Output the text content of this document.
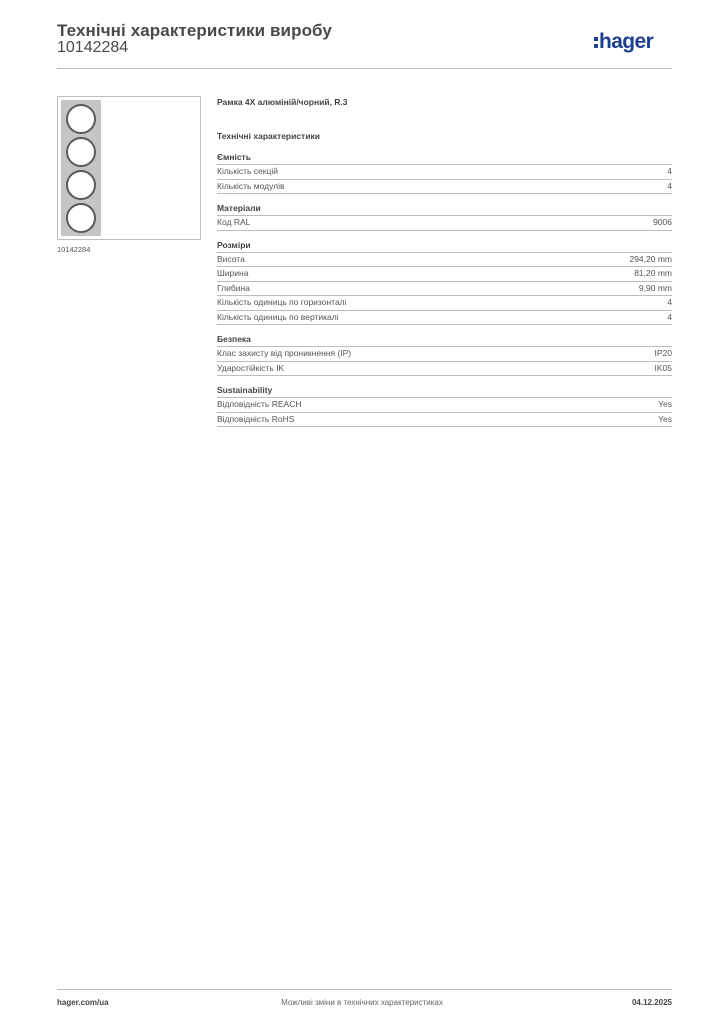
Технічні характеристики виробу
10142284	hager
10142284
Рамка 4X алюміній/чорний, R.3
Технічні характеристики
Ємність
Кількість секцій	4
Кількість модулів	4
Матеріали
Код RAL	9006
Розміри
Висота	294,20 mm
Ширина	81,20 mm
Глибина	9,90 mm
Кількість одиниць по горизонталі	4
Кількість одиниць по вертикалі	4
Безпека
Клас захисту від проникнення (IP)	IP20
Ударостійкість IK	IK05
Sustainability
Відповідність REACH	Yes
Відповідність RoHS	Yes
hager.com/ua	Можливі зміни в технічних характеристиках	04.12.2025
